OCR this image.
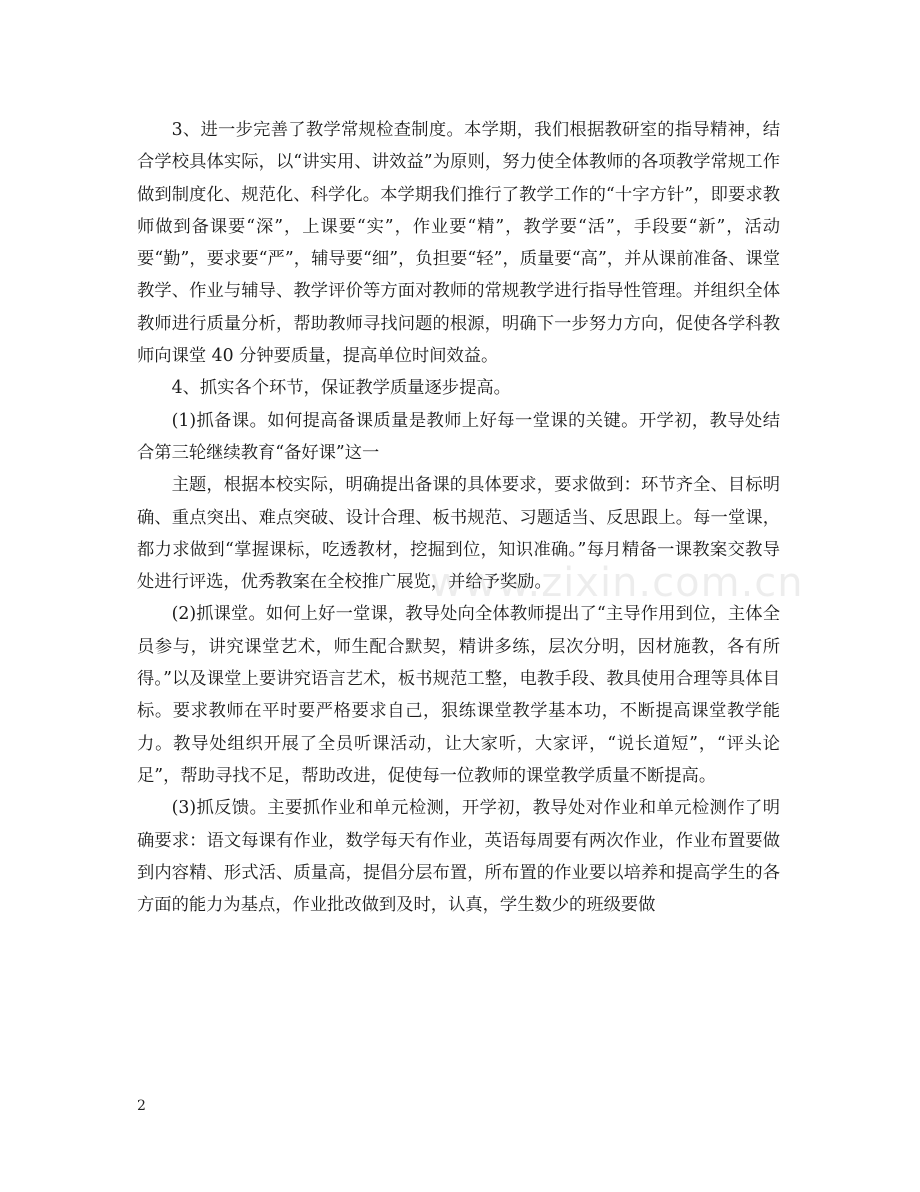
www.zixin.com.cn

3、进一步完善了教学常规检查制度。本学期，我们根据教研室的指导精神，结合学校具体实际，以“讲实用、讲效益”为原则，努力使全体教师的各项教学常规工作做到制度化、规范化、科学化。本学期我们推行了教学工作的“十字方针”，即要求教师做到备课要“深”，上课要“实”，作业要“精”，教学要“活”，手段要“新”，活动要“勤”，要求要“严”，辅导要“细”，负担要“轻”，质量要“高”，并从课前准备、课堂教学、作业与辅导、教学评价等方面对教师的常规教学进行指导性管理。并组织全体教师进行质量分析，帮助教师寻找问题的根源，明确下一步努力方向，促使各学科教师向课堂 40 分钟要质量，提高单位时间效益。

4、抓实各个环节，保证教学质量逐步提高。

(1)抓备课。如何提高备课质量是教师上好每一堂课的关键。开学初，教导处结合第三轮继续教育“备好课”这一

主题，根据本校实际，明确提出备课的具体要求，要求做到：环节齐全、目标明确、重点突出、难点突破、设计合理、板书规范、习题适当、反思跟上。每一堂课，都力求做到“掌握课标，吃透教材，挖掘到位，知识准确。”每月精备一课教案交教导处进行评选，优秀教案在全校推广展览，并给予奖励。

(2)抓课堂。如何上好一堂课，教导处向全体教师提出了“主导作用到位，主体全员参与，讲究课堂艺术，师生配合默契，精讲多练，层次分明，因材施教，各有所得。”以及课堂上要讲究语言艺术，板书规范工整，电教手段、教具使用合理等具体目标。要求教师在平时要严格要求自己，狠练课堂教学基本功，不断提高课堂教学能力。教导处组织开展了全员听课活动，让大家听，大家评，“说长道短”，“评头论足”，帮助寻找不足，帮助改进，促使每一位教师的课堂教学质量不断提高。

(3)抓反馈。主要抓作业和单元检测，开学初，教导处对作业和单元检测作了明确要求：语文每课有作业，数学每天有作业，英语每周要有两次作业，作业布置要做到内容精、形式活、质量高，提倡分层布置，所布置的作业要以培养和提高学生的各方面的能力为基点，作业批改做到及时，认真，学生数少的班级要做

2
